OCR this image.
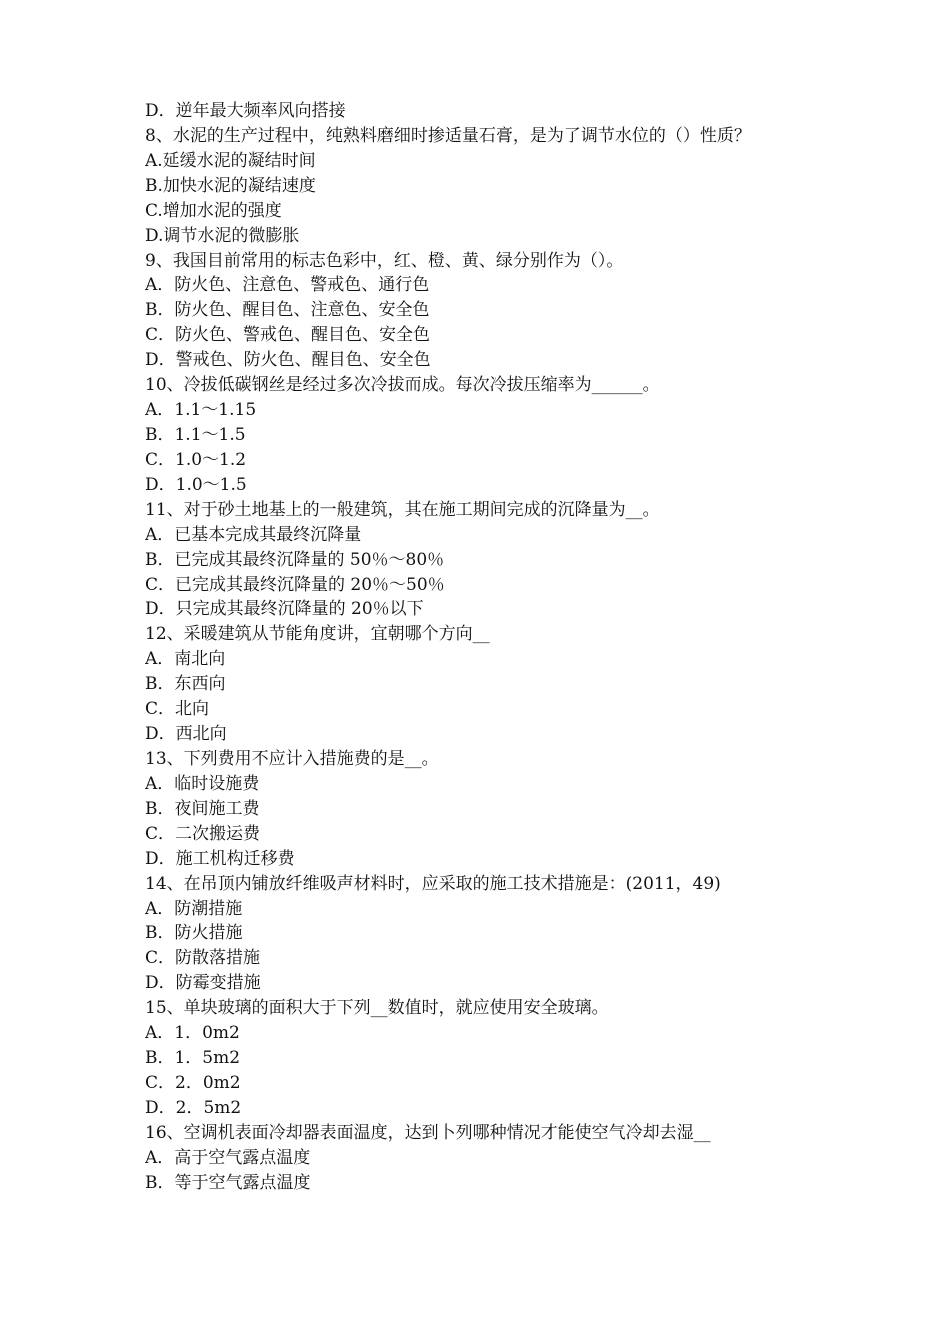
D．逆年最大频率风向搭接
8、水泥的生产过程中，纯熟料磨细时掺适量石膏，是为了调节水位的（）性质？
A.延缓水泥的凝结时间
B.加快水泥的凝结速度
C.增加水泥的强度
D.调节水泥的微膨胀
9、我国目前常用的标志色彩中，红、橙、黄、绿分别作为（）。
A．防火色、注意色、警戒色、通行色
B．防火色、醒目色、注意色、安全色
C．防火色、警戒色、醒目色、安全色
D．警戒色、防火色、醒目色、安全色
10、冷拔低碳钢丝是经过多次冷拔而成。每次冷拔压缩率为______。
A．1.1～1.15
B．1.1～1.5
C．1.0～1.2
D．1.0～1.5
11、对于砂土地基上的一般建筑，其在施工期间完成的沉降量为__。
A．已基本完成其最终沉降量
B．已完成其最终沉降量的 50％～80％
C．已完成其最终沉降量的 20％～50％
D．只完成其最终沉降量的 20％以下
12、采暖建筑从节能角度讲，宜朝哪个方向__
A．南北向
B．东西向
C．北向
D．西北向
13、下列费用不应计入措施费的是__。
A．临时设施费
B．夜间施工费
C．二次搬运费
D．施工机构迁移费
14、在吊顶内铺放纤维吸声材料时，应采取的施工技术措施是：(2011，49)
A．防潮措施
B．防火措施
C．防散落措施
D．防霉变措施
15、单块玻璃的面积大于下列__数值时，就应使用安全玻璃。
A．1．0m2
B．1．5m2
C．2．0m2
D．2．5m2
16、空调机表面冷却器表面温度，达到卜列哪种情况才能使空气冷却去湿__
A．高于空气露点温度
B．等于空气露点温度
